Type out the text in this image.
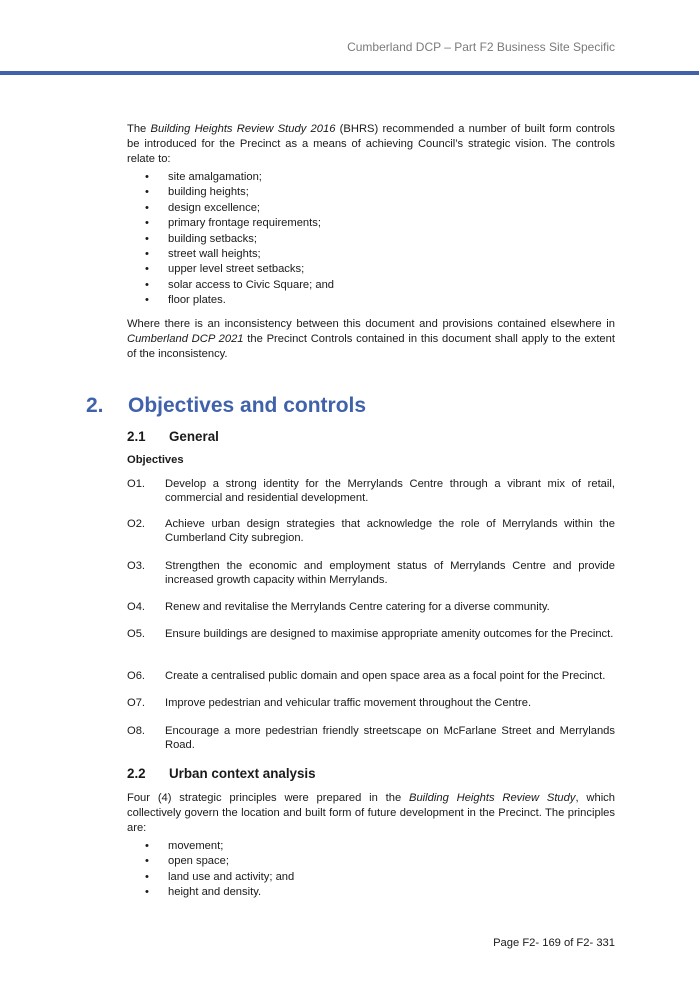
Cumberland DCP – Part F2 Business Site Specific

The Building Heights Review Study 2016 (BHRS) recommended a number of built form controls be introduced for the Precinct as a means of achieving Council’s strategic vision. The controls relate to:

• site amalgamation;
• building heights;
• design excellence;
• primary frontage requirements;
• building setbacks;
• street wall heights;
• upper level street setbacks;
• solar access to Civic Square; and
• floor plates.

Where there is an inconsistency between this document and provisions contained elsewhere in Cumberland DCP 2021 the Precinct Controls contained in this document shall apply to the extent of the inconsistency.

2. Objectives and controls
2.1 General
Objectives
O1. Develop a strong identity for the Merrylands Centre through a vibrant mix of retail, commercial and residential development.
O2. Achieve urban design strategies that acknowledge the role of Merrylands within the Cumberland City subregion.
O3. Strengthen the economic and employment status of Merrylands Centre and provide increased growth capacity within Merrylands.
O4. Renew and revitalise the Merrylands Centre catering for a diverse community.
O5. Ensure buildings are designed to maximise appropriate amenity outcomes for the Precinct.
O6. Create a centralised public domain and open space area as a focal point for the Precinct.
O7. Improve pedestrian and vehicular traffic movement throughout the Centre.
O8. Encourage a more pedestrian friendly streetscape on McFarlane Street and Merrylands Road.
2.2 Urban context analysis

Four (4) strategic principles were prepared in the Building Heights Review Study, which collectively govern the location and built form of future development in the Precinct. The principles are:

• movement;
• open space;
• land use and activity; and
• height and density.
Page F2- 169 of F2- 331
